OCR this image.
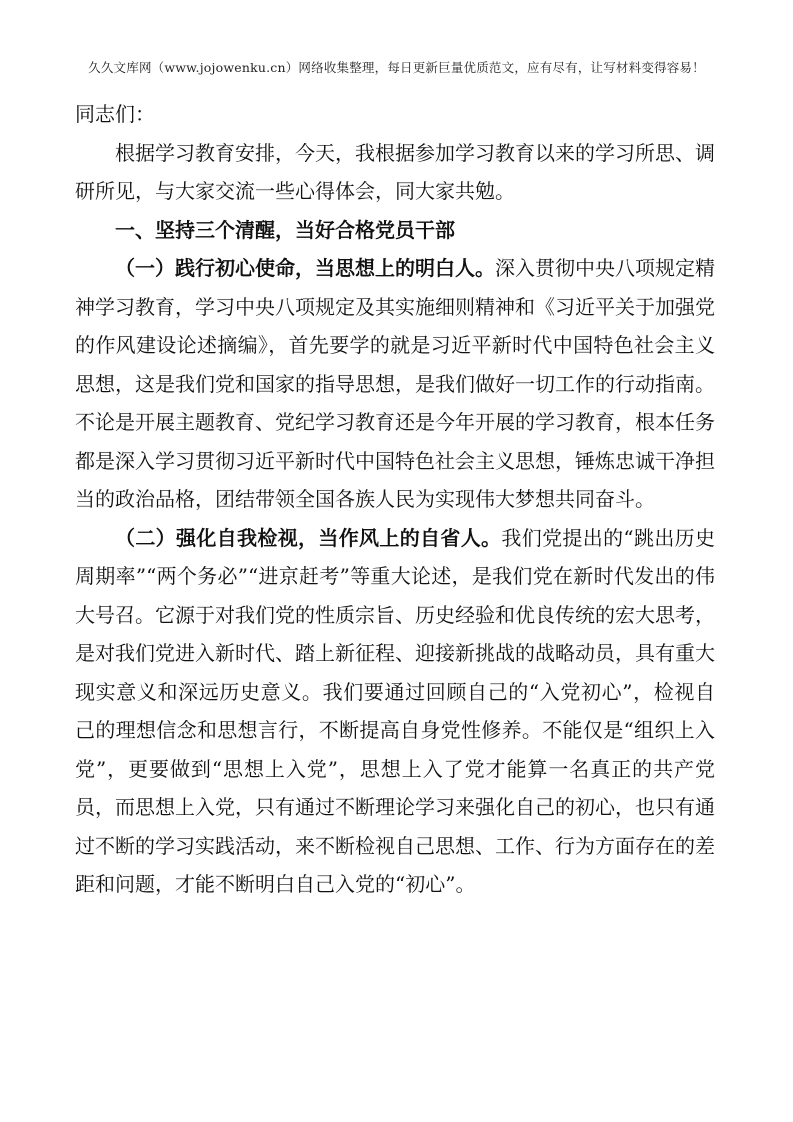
久久文库网（www.jojowenku.cn）网络收集整理，每日更新巨量优质范文，应有尽有，让写材料变得容易！

同志们：

根据学习教育安排，今天，我根据参加学习教育以来的学习所思、调研所见，与大家交流一些心得体会，同大家共勉。

一、坚持三个清醒，当好合格党员干部

（一）践行初心使命，当思想上的明白人。深入贯彻中央八项规定精神学习教育，学习中央八项规定及其实施细则精神和《习近平关于加强党的作风建设论述摘编》，首先要学的就是习近平新时代中国特色社会主义思想，这是我们党和国家的指导思想，是我们做好一切工作的行动指南。不论是开展主题教育、党纪学习教育还是今年开展的学习教育，根本任务都是深入学习贯彻习近平新时代中国特色社会主义思想，锤炼忠诚干净担当的政治品格，团结带领全国各族人民为实现伟大梦想共同奋斗。

（二）强化自我检视，当作风上的自省人。我们党提出的“跳出历史周期率”“两个务必”“进京赶考”等重大论述，是我们党在新时代发出的伟大号召。它源于对我们党的性质宗旨、历史经验和优良传统的宏大思考，是对我们党进入新时代、踏上新征程、迎接新挑战的战略动员，具有重大现实意义和深远历史意义。我们要通过回顾自己的“入党初心”，检视自己的理想信念和思想言行，不断提高自身党性修养。不能仅是“组织上入党”，更要做到“思想上入党”，思想上入了党才能算一名真正的共产党员，而思想上入党，只有通过不断理论学习来强化自己的初心，也只有通过不断的学习实践活动，来不断检视自己思想、工作、行为方面存在的差距和问题，才能不断明白自己入党的“初心”。
